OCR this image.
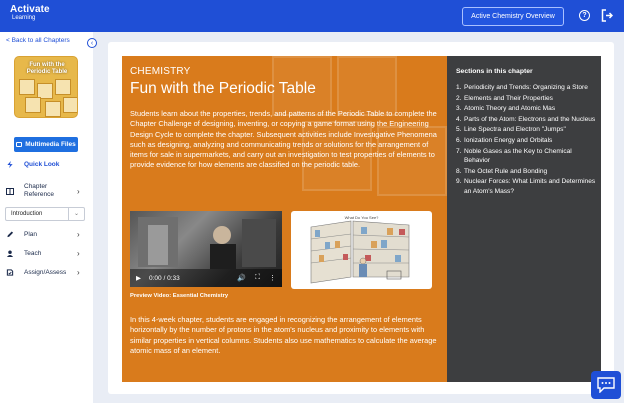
Activate
Learning	Active Chemistry Overview	?
< Back to all Chapters
Fun with the
Periodic Table
Multimedia Files
Quick Look
Chapter
Reference	›
Introduction	⌄
Plan	›
Teach	›
Assign/Assess ›
‹
CHEMISTRY
Fun with the Periodic Table
Students learn about the properties, trends, and patterns of the Periodic Table to complete the Chapter Challenge of designing, inventing, or copying a game format using the Engineering Design Cycle to complete the chapter. Subsequent activities include Investigative Phenomena such as designing, analyzing and communicating trends or solutions for the arrangement of items for sale in supermarkets, and carry out an investigation to test properties of elements to provide evidence for how elements are classified on the periodic table.
▶ 0:00 / 0:33	🔊 ⛶ ⋮
Preview Video: Essential Chemistry
What Do You See?
In this 4-week chapter, students are engaged in recognizing the arrangement of elements horizontally by the number of protons in the atom's nucleus and proximity to elements with similar properties in vertical columns. Students also use mathematics to calculate the average atomic mass of an element.
Sections in this chapter
1. Periodicity and Trends: Organizing a Store
2. Elements and Their Properties
3. Atomic Theory and Atomic Mas
4. Parts of the Atom: Electrons and the Nucleus
5. Line Spectra and Electron "Jumps"
6. Ionization Energy and Orbitals
7. Noble Gases as the Key to Chemical Behavior
8. The Octet Rule and Bonding
9. Nuclear Forces: What Limits and Determines an Atom's Mass?
